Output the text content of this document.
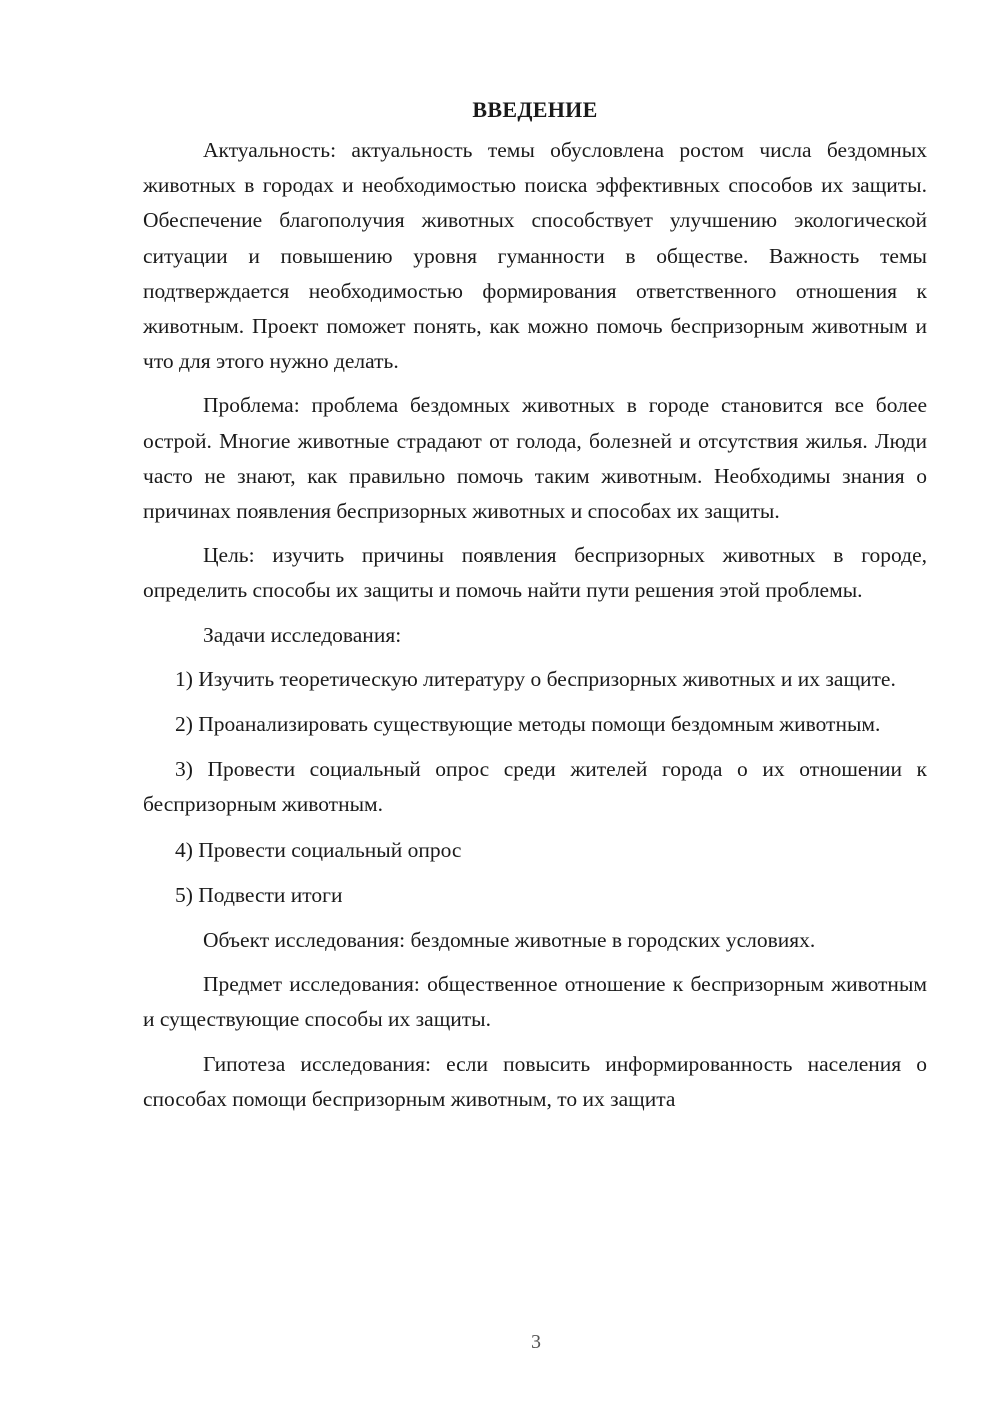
ВВЕДЕНИЕ

Актуальность: актуальность темы обусловлена ростом числа бездомных животных в городах и необходимостью поиска эффективных способов их защиты. Обеспечение благополучия животных способствует улучшению экологической ситуации и повышению уровня гуманности в обществе. Важность темы подтверждается необходимостью формирования ответственного отношения к животным. Проект поможет понять, как можно помочь беспризорным животным и что для этого нужно делать.

Проблема: проблема бездомных животных в городе становится все более острой. Многие животные страдают от голода, болезней и отсутствия жилья. Люди часто не знают, как правильно помочь таким животным. Необходимы знания о причинах появления беспризорных животных и способах их защиты.

Цель: изучить причины появления беспризорных животных в городе, определить способы их защиты и помочь найти пути решения этой проблемы.

Задачи исследования:

1) Изучить теоретическую литературу о беспризорных животных и их защите.

2) Проанализировать существующие методы помощи бездомным животным.

3) Провести социальный опрос среди жителей города о их отношении к беспризорным животным.

4) Провести социальный опрос

5) Подвести итоги

Объект исследования: бездомные животные в городских условиях.

Предмет исследования: общественное отношение к беспризорным животным и существующие способы их защиты.

Гипотеза исследования: если повысить информированность населения о способах помощи беспризорным животным, то их защита

3
